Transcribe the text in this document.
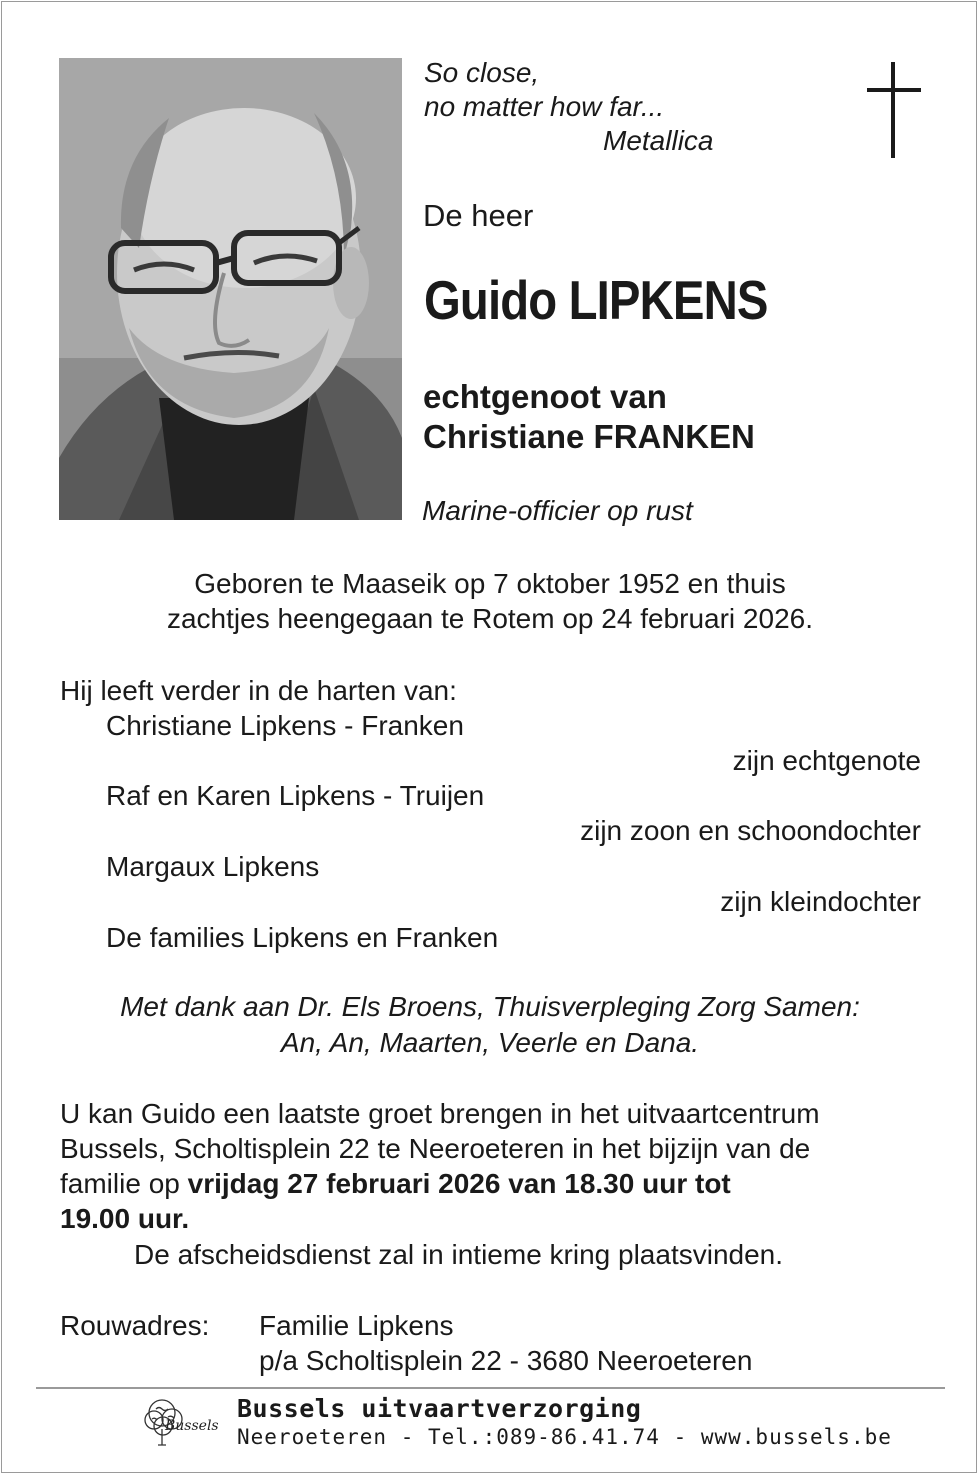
So close,
no matter how far...
Metallica
De heer
Guido LIPKENS
echtgenoot van
Christiane FRANKEN
Marine-officier op rust
Geboren te Maaseik op 7 oktober 1952 en thuis
zachtjes heengegaan te Rotem op 24 februari 2026.
Hij leeft verder in de harten van:
Christiane Lipkens - Franken
zijn echtgenote
Raf en Karen Lipkens - Truijen
zijn zoon en schoondochter
Margaux Lipkens
zijn kleindochter
De families Lipkens en Franken
Met dank aan Dr. Els Broens, Thuisverpleging Zorg Samen:
An, An, Maarten, Veerle en Dana.
U kan Guido een laatste groet brengen in het uitvaartcentrum
Bussels, Scholtisplein 22 te Neeroeteren in het bijzijn van de
familie op vrijdag 27 februari 2026 van 18.30 uur tot
19.00 uur.
De afscheidsdienst zal in intieme kring plaatsvinden.
Rouwadres: Familie Lipkens
p/a Scholtisplein 22 - 3680 Neeroeteren
Bussels
Bussels uitvaartverzorging
Neeroeteren - Tel.:089-86.41.74 - www.bussels.be
